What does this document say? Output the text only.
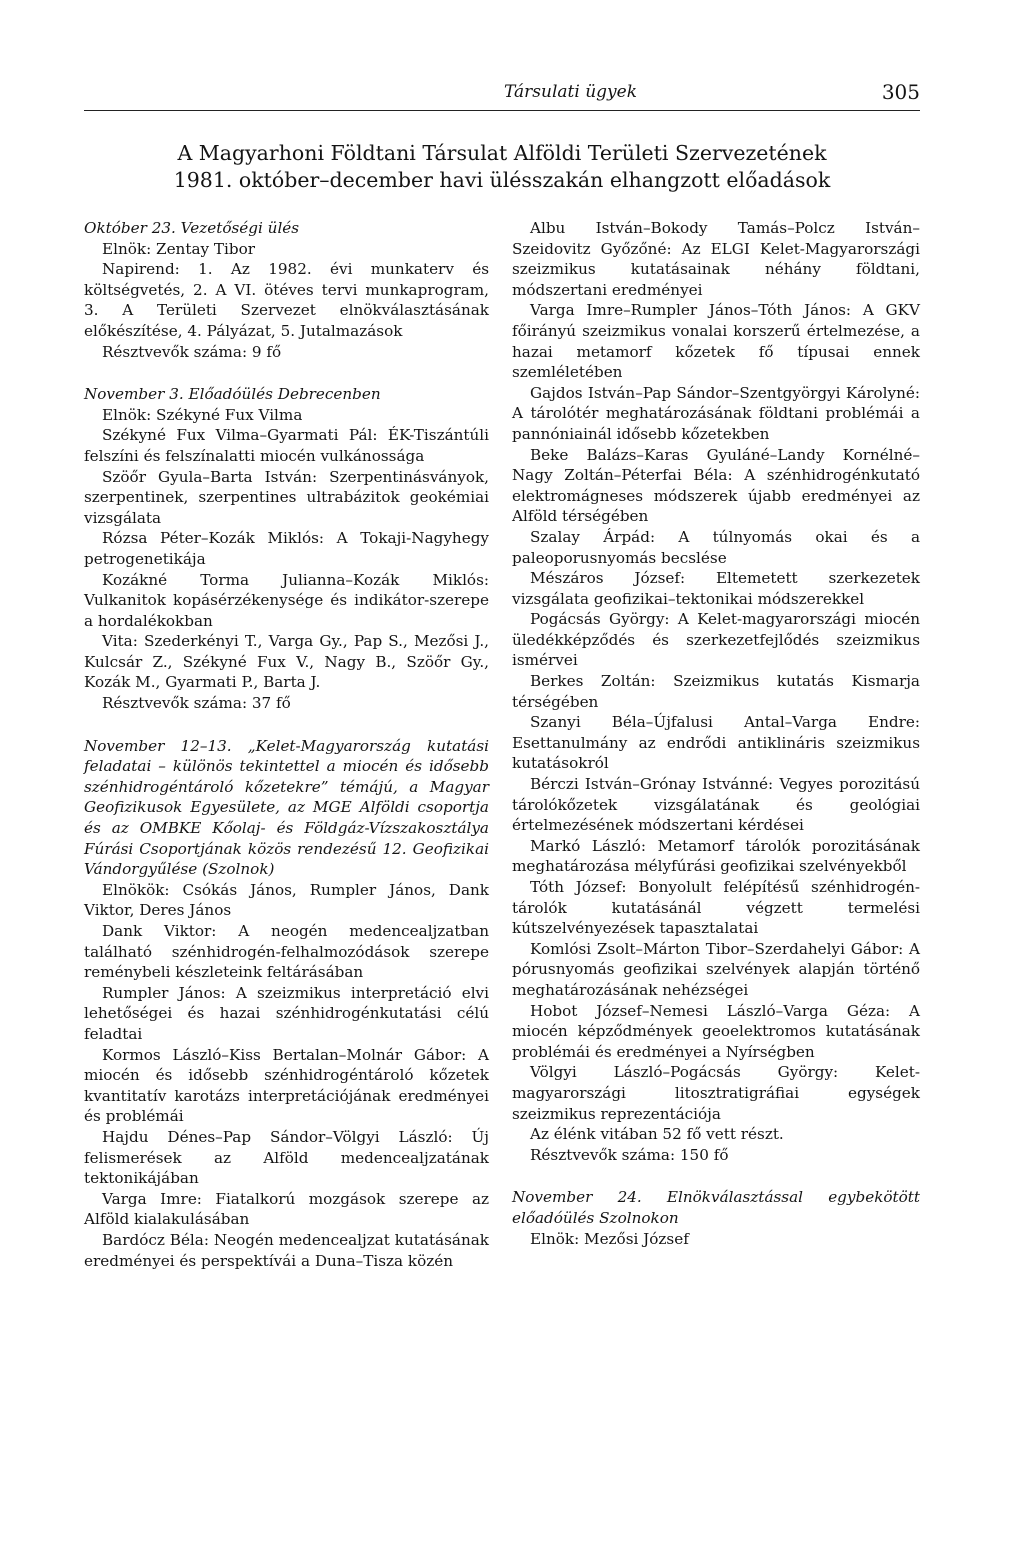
Társulati ügyek	305
A Magyarhoni Földtani Társulat Alföldi Területi Szervezetének
1981. október–december havi ülésszakán elhangzott előadások

Október 23. Vezetőségi ülés

Elnök: Zentay Tibor

Napirend: 1. Az 1982. évi munkaterv és költségvetés, 2. A VI. ötéves tervi munkaprogram, 3. A Területi Szervezet elnökválasztásának előkészítése, 4. Pályázat, 5. Jutalmazások

Résztvevők száma: 9 fő

November 3. Előadóülés Debrecenben

Elnök: Székyné Fux Vilma

Székyné Fux Vilma–Gyarmati Pál: ÉK-Tiszántúli felszíni és felszínalatti miocén vulkánossága

Szöőr Gyula–Barta István: Szerpentinásványok, szerpentinek, szerpentines ultrabázitok geokémiai vizsgálata

Rózsa Péter–Kozák Miklós: A Tokaji-Nagyhegy petrogenetikája

Kozákné Torma Julianna–Kozák Miklós: Vulkanitok kopásérzékenysége és indikátor-szerepe a hordalékokban

Vita: Szederkényi T., Varga Gy., Pap S., Mezősi J., Kulcsár Z., Székyné Fux V., Nagy B., Szöőr Gy., Kozák M., Gyarmati P., Barta J.

Résztvevők száma: 37 fő

November 12–13. „Kelet-Magyarország kutatási feladatai – különös tekintettel a miocén és idősebb szénhidrogéntároló kőzetekre” témájú, a Magyar Geofizikusok Egyesülete, az MGE Alföldi csoportja és az OMBKE Kőolaj- és Földgáz-Vízszakosztálya Fúrási Csoportjának közös rendezésű 12. Geofizikai Vándorgyűlése (Szolnok)

Elnökök: Csókás János, Rumpler János, Dank Viktor, Deres János

Dank Viktor: A neogén medencealjzatban található szénhidrogén-felhalmozódások szerepe reménybeli készleteink feltárásában

Rumpler János: A szeizmikus interpretáció elvi lehetőségei és hazai szénhidrogénkutatási célú feladtai

Kormos László–Kiss Bertalan–Molnár Gábor: A miocén és idősebb szénhidrogéntároló kőzetek kvantitatív karotázs interpretációjának eredményei és problémái

Hajdu Dénes–Pap Sándor–Völgyi László: Új felismerések az Alföld medencealjzatának tektonikájában

Varga Imre: Fiatalkorú mozgások szerepe az Alföld kialakulásában

Bardócz Béla: Neogén medencealjzat kutatásának eredményei és perspektívái a Duna–Tisza közén

Albu István–Bokody Tamás–Polcz István–Szeidovitz Győzőné: Az ELGI Kelet-Magyarországi szeizmikus kutatásainak néhány földtani, módszertani eredményei

Varga Imre–Rumpler János–Tóth János: A GKV főirányú szeizmikus vonalai korszerű értelmezése, a hazai metamorf kőzetek fő típusai ennek szemléletében

Gajdos István–Pap Sándor–Szentgyörgyi Károlyné: A tárolótér meghatározásának földtani problémái a pannóniainál idősebb kőzetekben

Beke Balázs–Karas Gyuláné–Landy Kornélné–Nagy Zoltán–Péterfai Béla: A szénhidrogénkutató elektromágneses módszerek újabb eredményei az Alföld térségében

Szalay Árpád: A túlnyomás okai és a paleoporusnyomás becslése

Mészáros József: Eltemetett szerkezetek vizsgálata geofizikai–tektonikai módszerekkel

Pogácsás György: A Kelet-magyarországi miocén üledékképződés és szerkezetfejlődés szeizmikus ismérvei

Berkes Zoltán: Szeizmikus kutatás Kismarja térségében

Szanyi Béla–Újfalusi Antal–Varga Endre: Esettanulmány az endrődi antiklináris szeizmikus kutatásokról

Bérczi István–Grónay Istvánné: Vegyes porozitású tárolókőzetek vizsgálatának és geológiai értelmezésének módszertani kérdései

Markó László: Metamorf tárolók porozitásának meghatározása mélyfúrási geofizikai szelvényekből

Tóth József: Bonyolult felépítésű szénhidrogén-tárolók kutatásánál végzett termelési kútszelvényezések tapasztalatai

Komlósi Zsolt–Márton Tibor–Szerdahelyi Gábor: A pórusnyomás geofizikai szelvények alapján történő meghatározásának nehézségei

Hobot József–Nemesi László–Varga Géza: A miocén képződmények geoelektromos kutatásának problémái és eredményei a Nyírségben

Völgyi László–Pogácsás György: Kelet-magyarországi litosztratigráfiai egységek szeizmikus reprezentációja

Az élénk vitában 52 fő vett részt.

Résztvevők száma: 150 fő

November 24. Elnökválasztással egybekötött előadóülés Szolnokon

Elnök: Mezősi József
